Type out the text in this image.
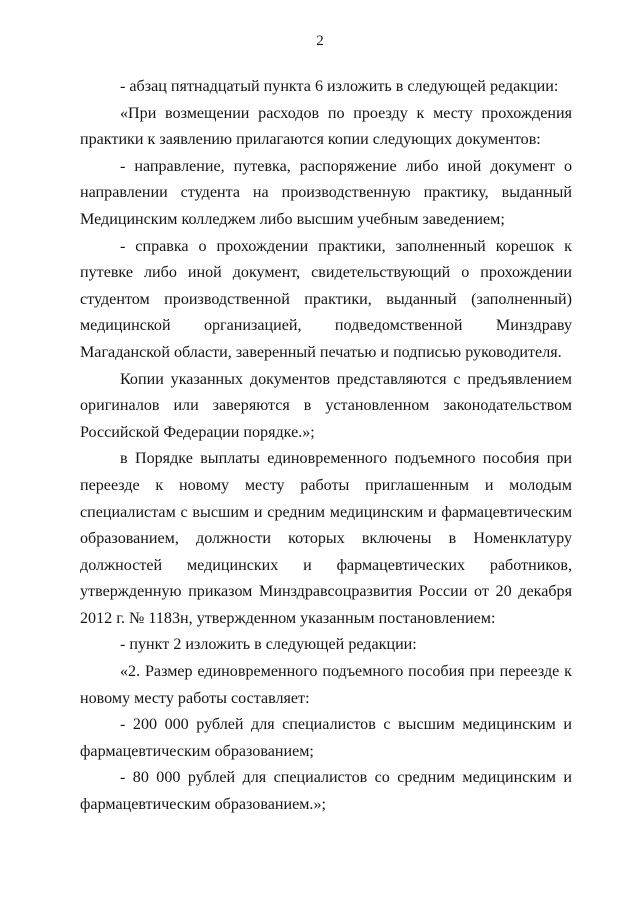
2

- абзац пятнадцатый пункта 6 изложить в следующей редакции:

«При возмещении расходов по проезду к месту прохождения практики к заявлению прилагаются копии следующих документов:

- направление, путевка, распоряжение либо иной документ о направлении студента на производственную практику, выданный Медицинским колледжем либо высшим учебным заведением;

- справка о прохождении практики, заполненный корешок к путевке либо иной документ, свидетельствующий о прохождении студентом производственной практики, выданный (заполненный) медицинской организацией, подведомственной Минздраву Магаданской области, заверенный печатью и подписью руководителя.

Копии указанных документов представляются с предъявлением оригиналов или заверяются в установленном законодательством Российской Федерации порядке.»;

в Порядке выплаты единовременного подъемного пособия при переезде к новому месту работы приглашенным и молодым специалистам с высшим и средним медицинским и фармацевтическим образованием, должности которых включены в Номенклатуру должностей медицинских и фармацевтических работников, утвержденную приказом Минздравсоцразвития России от 20 декабря 2012 г. № 1183н, утвержденном указанным постановлением:

- пункт 2 изложить в следующей редакции:

«2. Размер единовременного подъемного пособия при переезде к новому месту работы составляет:

- 200 000 рублей для специалистов с высшим медицинским и фармацевтическим образованием;

- 80 000 рублей для специалистов со средним медицинским и фармацевтическим образованием.»;
